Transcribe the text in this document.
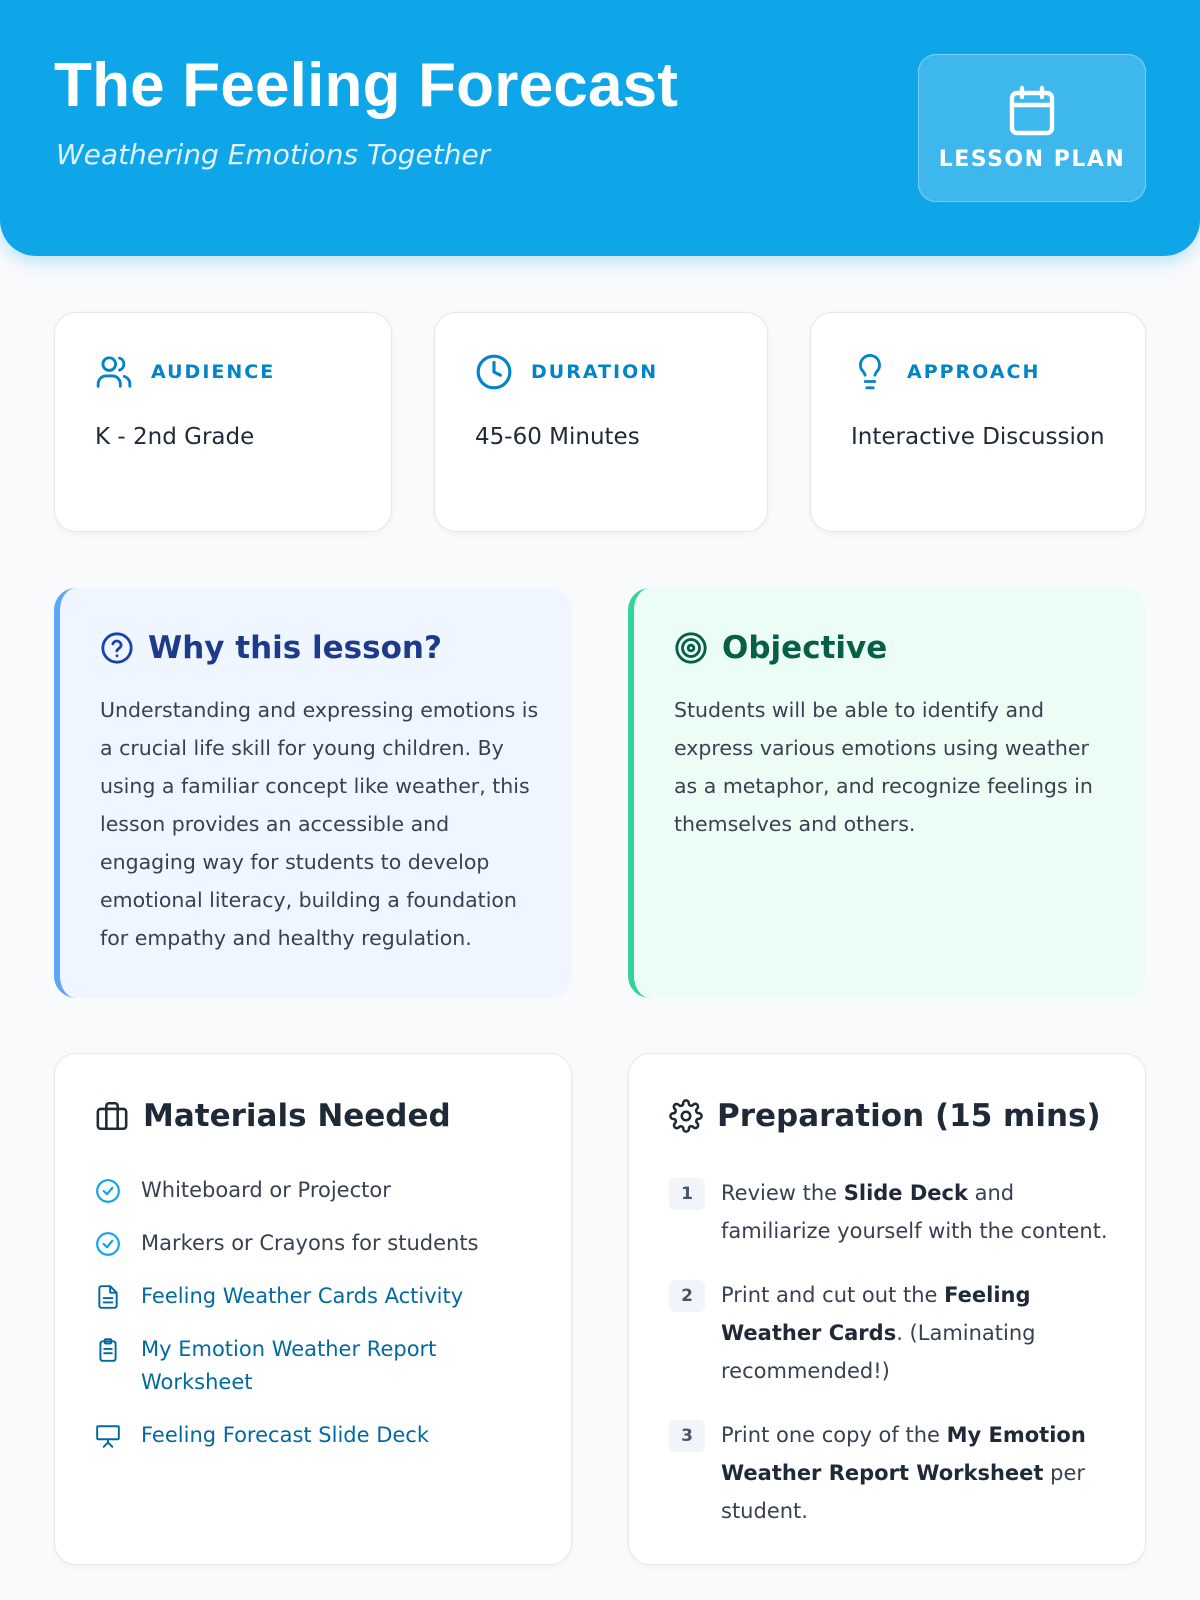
The Feeling Forecast
Weathering Emotions Together	LESSON PLAN
AUDIENCE
K - 2nd Grade
DURATION
45-60 Minutes
APPROACH
Interactive Discussion
Why this lesson?

Understanding and expressing emotions is a crucial life skill for young children. By using a familiar concept like weather, this lesson provides an accessible and engaging way for students to develop emotional literacy, building a foundation for empathy and healthy regulation.

Objective

Students will be able to identify and express various emotions using weather as a metaphor, and recognize feelings in themselves and others.

Materials Needed
Whiteboard or Projector
Markers or Crayons for students
Feeling Weather Cards Activity
My Emotion Weather Report Worksheet
Feeling Forecast Slide Deck
Preparation (15 mins)
1	Review the Slide Deck and familiarize yourself with the content.
2	Print and cut out the Feeling Weather Cards. (Laminating recommended!)
3	Print one copy of the My Emotion Weather Report Worksheet per student.
